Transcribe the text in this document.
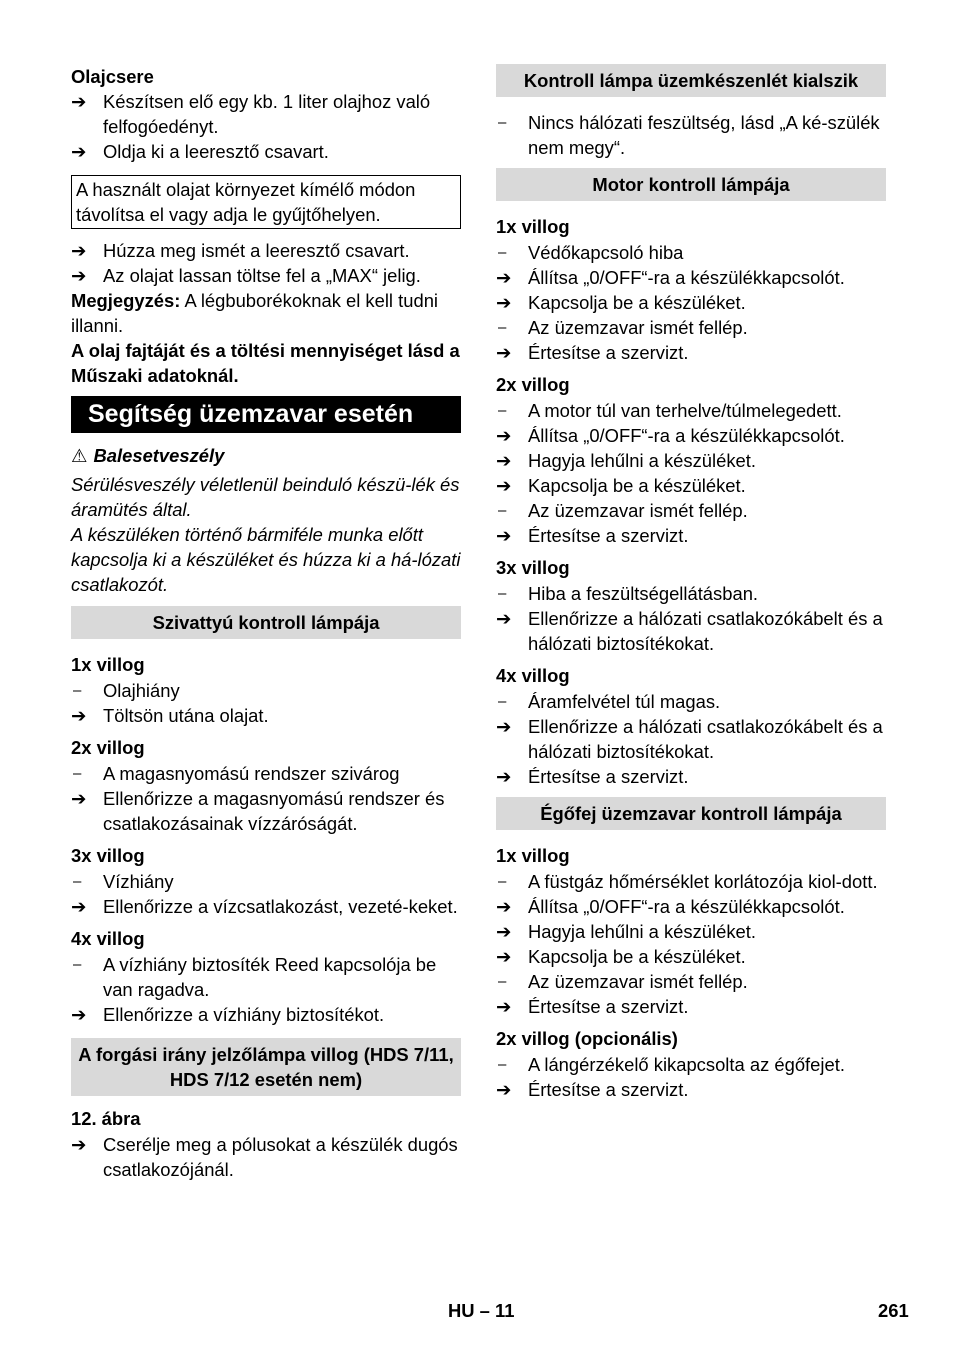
Olajcsere
➔ Készítsen elő egy kb. 1 liter olajhoz való felfogóedényt.
➔ Oldja ki a leeresztő csavart.
A használt olajat környezet kímélő módon távolítsa el vagy adja le gyűjtőhelyen.
➔ Húzza meg ismét a leeresztő csavart.
➔ Az olajat lassan töltse fel a „MAX“ jelig.
Megjegyzés: A légbuborékoknak el kell tudni illanni.
A olaj fajtáját és a töltési mennyiséget lásd a Műszaki adatoknál.
Segítség üzemzavar esetén
⚠ Balesetveszély
Sérülésveszély véletlenül beinduló készü-lék és áramütés által.
A készüléken történő bármiféle munka előtt kapcsolja ki a készüléket és húzza ki a há-lózati csatlakozót.
Szivattyú kontroll lámpája
1x villog
–	Olajhiány
➔ Töltsön utána olajat.
2x villog
–	A magasnyomású rendszer szivárog
➔ Ellenőrizze a magasnyomású rendszer és csatlakozásainak vízzáróságát.
3x villog
–	Vízhiány
➔ Ellenőrizze a vízcsatlakozást, vezeté-keket.
4x villog
–	A vízhiány biztosíték Reed kapcsolója be van ragadva.
➔ Ellenőrizze a vízhiány biztosítékot.
A forgási irány jelzőlámpa villog (HDS 7/11, HDS 7/12 esetén nem)
12. ábra
➔ Cserélje meg a pólusokat a készülék dugós csatlakozójánál.
Kontroll lámpa üzemkészenlét kialszik
–	Nincs hálózati feszültség, lásd „A ké-szülék nem megy“.
Motor kontroll lámpája
1x villog
–	Védőkapcsoló hiba
➔ Állítsa „0/OFF“-ra a készülékkapcsolót.
➔ Kapcsolja be a készüléket.
–	Az üzemzavar ismét fellép.
➔ Értesítse a szervizt.
2x villog
–	A motor túl van terhelve/túlmelegedett.
➔ Állítsa „0/OFF“-ra a készülékkapcsolót.
➔ Hagyja lehűlni a készüléket.
➔ Kapcsolja be a készüléket.
–	Az üzemzavar ismét fellép.
➔ Értesítse a szervizt.
3x villog
–	Hiba a feszültségellátásban.
➔ Ellenőrizze a hálózati csatlakozókábelt és a hálózati biztosítékokat.
4x villog
–	Áramfelvétel túl magas.
➔ Ellenőrizze a hálózati csatlakozókábelt és a hálózati biztosítékokat.
➔ Értesítse a szervizt.
Égőfej üzemzavar kontroll lámpája
1x villog
–	A füstgáz hőmérséklet korlátozója kiol-dott.
➔ Állítsa „0/OFF“-ra a készülékkapcsolót.
➔ Hagyja lehűlni a készüléket.
➔ Kapcsolja be a készüléket.
–	Az üzemzavar ismét fellép.
➔ Értesítse a szervizt.
2x villog (opcionális)
–	A lángérzékelő kikapcsolta az égőfejet.
➔ Értesítse a szervizt.
HU – 11	261
